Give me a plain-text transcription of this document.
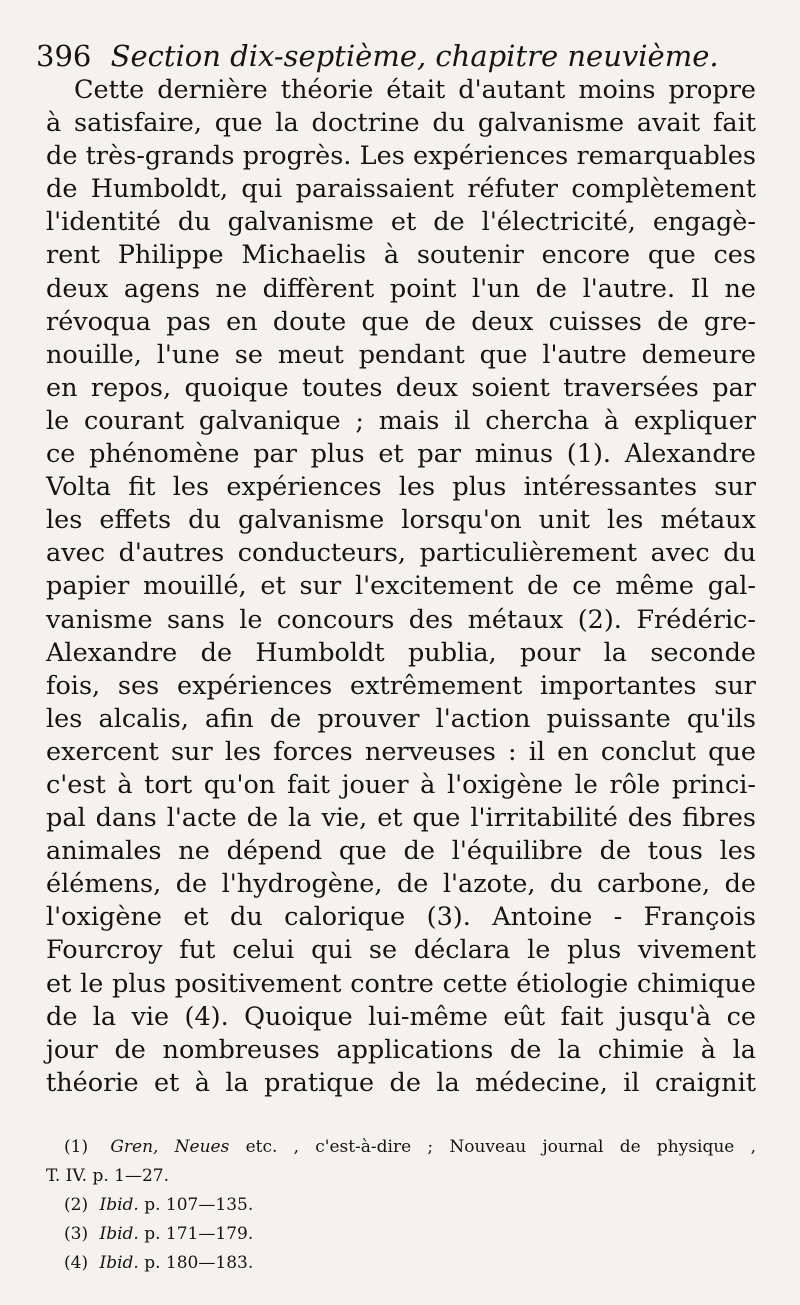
396 Section dix-septième, chapitre neuvième.
Cette dernière théorie était d'autant moins propre
à satisfaire, que la doctrine du galvanisme avait fait
de très-grands progrès. Les expériences remarquables
de Humboldt, qui paraissaient réfuter complètement
l'identité du galvanisme et de l'électricité, engagè-
rent Philippe Michaelis à soutenir encore que ces
deux agens ne diffèrent point l'un de l'autre. Il ne
révoqua pas en doute que de deux cuisses de gre-
nouille, l'une se meut pendant que l'autre demeure
en repos, quoique toutes deux soient traversées par
le courant galvanique ; mais il chercha à expliquer
ce phénomène par plus et par minus (1). Alexandre
Volta fit les expériences les plus intéressantes sur
les effets du galvanisme lorsqu'on unit les métaux
avec d'autres conducteurs, particulièrement avec du
papier mouillé, et sur l'excitement de ce même gal-
vanisme sans le concours des métaux (2). Frédéric-
Alexandre de Humboldt publia, pour la seconde
fois, ses expériences extrêmement importantes sur
les alcalis, afin de prouver l'action puissante qu'ils
exercent sur les forces nerveuses : il en conclut que
c'est à tort qu'on fait jouer à l'oxigène le rôle princi-
pal dans l'acte de la vie, et que l'irritabilité des fibres
animales ne dépend que de l'équilibre de tous les
élémens, de l'hydrogène, de l'azote, du carbone, de
l'oxigène et du calorique (3). Antoine - François
Fourcroy fut celui qui se déclara le plus vivement
et le plus positivement contre cette étiologie chimique
de la vie (4). Quoique lui-même eût fait jusqu'à ce
jour de nombreuses applications de la chimie à la
théorie et à la pratique de la médecine, il craignit
(1) Gren, Neues etc. , c'est-à-dire ; Nouveau journal de physique ,
T. IV. p. 1—27.
(2) Ibid. p. 107—135.
(3) Ibid. p. 171—179.
(4) Ibid. p. 180—183.
